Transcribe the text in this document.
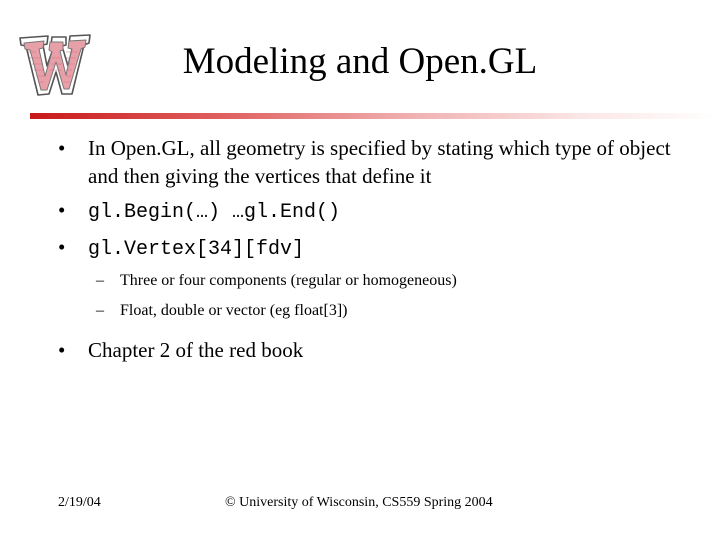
Modeling and Open.GL
• In Open.GL, all geometry is specified by stating which type of object and then giving the vertices that define it
• gl.Begin(…) …gl.End()
• gl.Vertex[34][fdv]
– Three or four components (regular or homogeneous)
– Float, double or vector (eg float[3])
• Chapter 2 of the red book
2/19/04	© University of Wisconsin, CS559 Spring 2004
